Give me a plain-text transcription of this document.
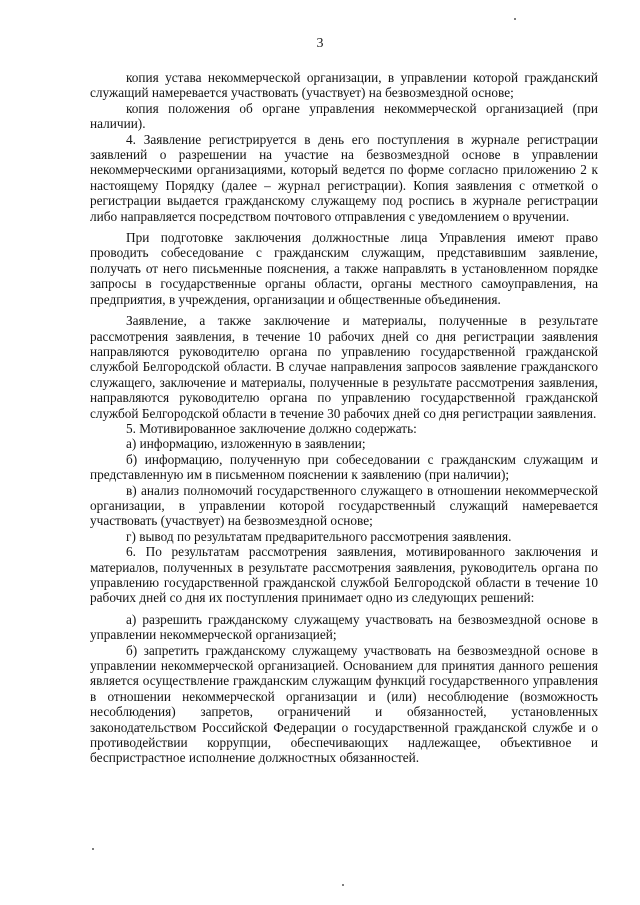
3

копия устава некоммерческой организации, в управлении которой гражданский служащий намеревается участвовать (участвует) на безвозмездной основе;

копия положения об органе управления некоммерческой организацией (при наличии).

4. Заявление регистрируется в день его поступления в журнале регистрации заявлений о разрешении на участие на безвозмездной основе в управлении некоммерческими организациями, который ведется по форме согласно приложению 2 к настоящему Порядку (далее – журнал регистрации). Копия заявления с отметкой о регистрации выдается гражданскому служащему под роспись в журнале регистрации либо направляется посредством почтового отправления с уведомлением о вручении.

При подготовке заключения должностные лица Управления имеют право проводить собеседование с гражданским служащим, представившим заявление, получать от него письменные пояснения, а также направлять в установленном порядке запросы в государственные органы области, органы местного самоуправления, на предприятия, в учреждения, организации и общественные объединения.

Заявление, а также заключение и материалы, полученные в результате рассмотрения заявления, в течение 10 рабочих дней со дня регистрации заявления направляются руководителю органа по управлению государственной гражданской службой Белгородской области. В случае направления запросов заявление гражданского служащего, заключение и материалы, полученные в результате рассмотрения заявления, направляются руководителю органа по управлению государственной гражданской службой Белгородской области в течение 30 рабочих дней со дня регистрации заявления.

5. Мотивированное заключение должно содержать:

а) информацию, изложенную в заявлении;

б) информацию, полученную при собеседовании с гражданским служащим и представленную им в письменном пояснении к заявлению (при наличии);

в) анализ полномочий государственного служащего в отношении некоммерческой организации, в управлении которой государственный служащий намеревается участвовать (участвует) на безвозмездной основе;

г) вывод по результатам предварительного рассмотрения заявления.

6. По результатам рассмотрения заявления, мотивированного заключения и материалов, полученных в результате рассмотрения заявления, руководитель органа по управлению государственной гражданской службой Белгородской области в течение 10 рабочих дней со дня их поступления принимает одно из следующих решений:

а) разрешить гражданскому служащему участвовать на безвозмездной основе в управлении некоммерческой организацией;

б) запретить гражданскому служащему участвовать на безвозмездной основе в управлении некоммерческой организацией. Основанием для принятия данного решения является осуществление гражданским служащим функций государственного управления в отношении некоммерческой организации и (или) несоблюдение (возможность несоблюдения) запретов, ограничений и обязанностей, установленных законодательством Российской Федерации о государственной гражданской службе и о противодействии коррупции, обеспечивающих надлежащее, объективное и беспристрастное исполнение должностных обязанностей.
